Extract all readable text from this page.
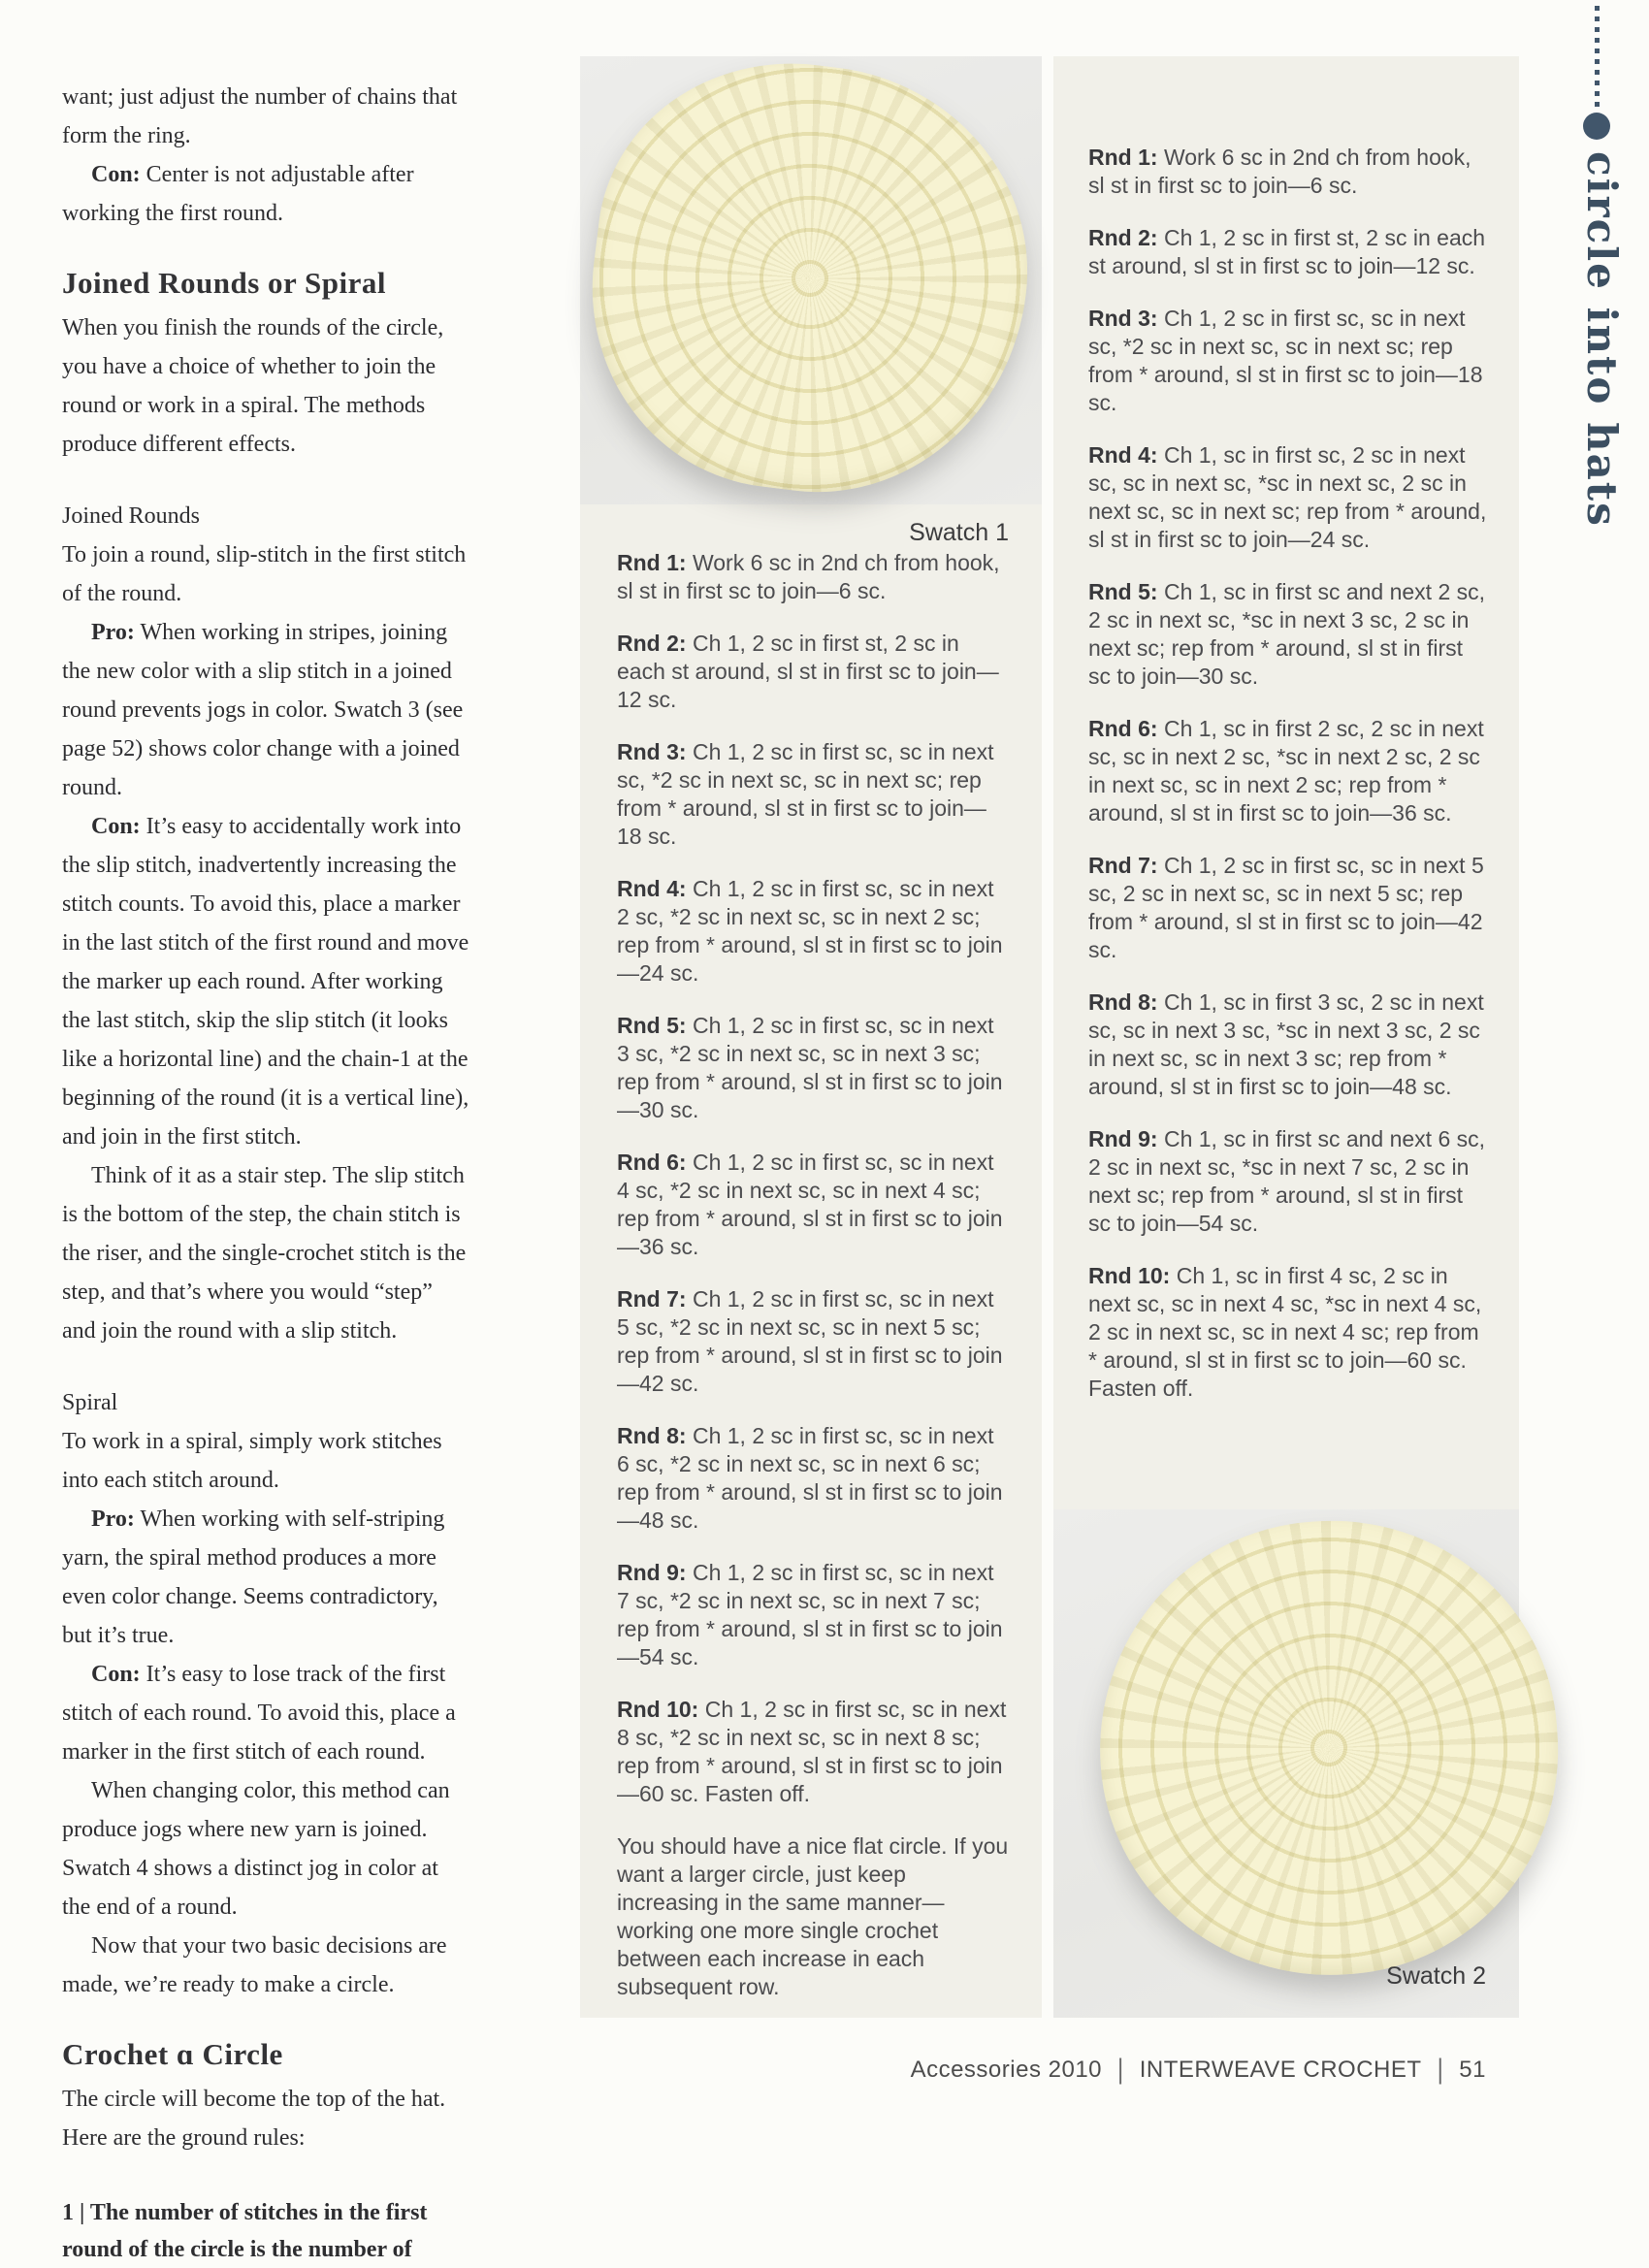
want; just adjust the number of chains that form the ring.

Con: Center is not adjustable after working the first round.

Joined Rounds or Spiral

When you finish the rounds of the circle, you have a choice of whether to join the round or work in a spiral. The methods produce different effects.

Joined Rounds

To join a round, slip-stitch in the first stitch of the round.

Pro: When working in stripes, joining the new color with a slip stitch in a joined round prevents jogs in color. Swatch 3 (see page 52) shows color change with a joined round.

Con: It’s easy to accidentally work into the slip stitch, inadvertently increasing the stitch counts. To avoid this, place a marker in the last stitch of the first round and move the marker up each round. After working the last stitch, skip the slip stitch (it looks like a horizontal line) and the chain-1 at the beginning of the round (it is a vertical line), and join in the first stitch.

Think of it as a stair step. The slip stitch is the bottom of the step, the chain stitch is the riser, and the single-crochet stitch is the step, and that’s where you would “step” and join the round with a slip stitch.

Spiral

To work in a spiral, simply work stitches into each stitch around.

Pro: When working with self-striping yarn, the spiral method produces a more even color change. Seems contradictory, but it’s true.

Con: It’s easy to lose track of the first stitch of each round. To avoid this, place a marker in the first stitch of each round.

When changing color, this method can produce jogs where new yarn is joined. Swatch 4 shows a distinct jog in color at the end of a round.

Now that your two basic decisions are made, we’re ready to make a circle.

Crochet ɑ Circle

The circle will become the top of the hat. Here are the ground rules:

1 | The number of stitches in the first round of the circle is the number of

Swatch 1

Rnd 1: Work 6 sc in 2nd ch from hook, sl st in first sc to join—6 sc.

Rnd 2: Ch 1, 2 sc in first st, 2 sc in each st around, sl st in first sc to join—12 sc.

Rnd 3: Ch 1, 2 sc in first sc, sc in next sc, *2 sc in next sc, sc in next sc; rep from * around, sl st in first sc to join—18 sc.

Rnd 4: Ch 1, 2 sc in first sc, sc in next 2 sc, *2 sc in next sc, sc in next 2 sc; rep from * around, sl st in first sc to join—24 sc.

Rnd 5: Ch 1, 2 sc in first sc, sc in next 3 sc, *2 sc in next sc, sc in next 3 sc; rep from * around, sl st in first sc to join—30 sc.

Rnd 6: Ch 1, 2 sc in first sc, sc in next 4 sc, *2 sc in next sc, sc in next 4 sc; rep from * around, sl st in first sc to join—36 sc.

Rnd 7: Ch 1, 2 sc in first sc, sc in next 5 sc, *2 sc in next sc, sc in next 5 sc; rep from * around, sl st in first sc to join—42 sc.

Rnd 8: Ch 1, 2 sc in first sc, sc in next 6 sc, *2 sc in next sc, sc in next 6 sc; rep from * around, sl st in first sc to join—48 sc.

Rnd 9: Ch 1, 2 sc in first sc, sc in next 7 sc, *2 sc in next sc, sc in next 7 sc; rep from * around, sl st in first sc to join—54 sc.

Rnd 10: Ch 1, 2 sc in first sc, sc in next 8 sc, *2 sc in next sc, sc in next 8 sc; rep from * around, sl st in first sc to join—60 sc. Fasten off.

You should have a nice flat circle. If you want a larger circle, just keep increasing in the same manner—working one more single crochet between each increase in each subsequent row.

Rnd 1: Work 6 sc in 2nd ch from hook, sl st in first sc to join—6 sc.

Rnd 2: Ch 1, 2 sc in first st, 2 sc in each st around, sl st in first sc to join—12 sc.

Rnd 3: Ch 1, 2 sc in first sc, sc in next sc, *2 sc in next sc, sc in next sc; rep from * around, sl st in first sc to join—18 sc.

Rnd 4: Ch 1, sc in first sc, 2 sc in next sc, sc in next sc, *sc in next sc, 2 sc in next sc, sc in next sc; rep from * around, sl st in first sc to join—24 sc.

Rnd 5: Ch 1, sc in first sc and next 2 sc, 2 sc in next sc, *sc in next 3 sc, 2 sc in next sc; rep from * around, sl st in first sc to join—30 sc.

Rnd 6: Ch 1, sc in first 2 sc, 2 sc in next sc, sc in next 2 sc, *sc in next 2 sc, 2 sc in next sc, sc in next 2 sc; rep from * around, sl st in first sc to join—36 sc.

Rnd 7: Ch 1, 2 sc in first sc, sc in next 5 sc, 2 sc in next sc, sc in next 5 sc; rep from * around, sl st in first sc to join—42 sc.

Rnd 8: Ch 1, sc in first 3 sc, 2 sc in next sc, sc in next 3 sc, *sc in next 3 sc, 2 sc in next sc, sc in next 3 sc; rep from * around, sl st in first sc to join—48 sc.

Rnd 9: Ch 1, sc in first sc and next 6 sc, 2 sc in next sc, *sc in next 7 sc, 2 sc in next sc; rep from * around, sl st in first sc to join—54 sc.

Rnd 10: Ch 1, sc in first 4 sc, 2 sc in next sc, sc in next 4 sc, *sc in next 4 sc, 2 sc in next sc, sc in next 4 sc; rep from * around, sl st in first sc to join—60 sc. Fasten off.

Swatch 2
circle into hats
Accessories 2010 | INTERWEAVE CROCHET | 51
